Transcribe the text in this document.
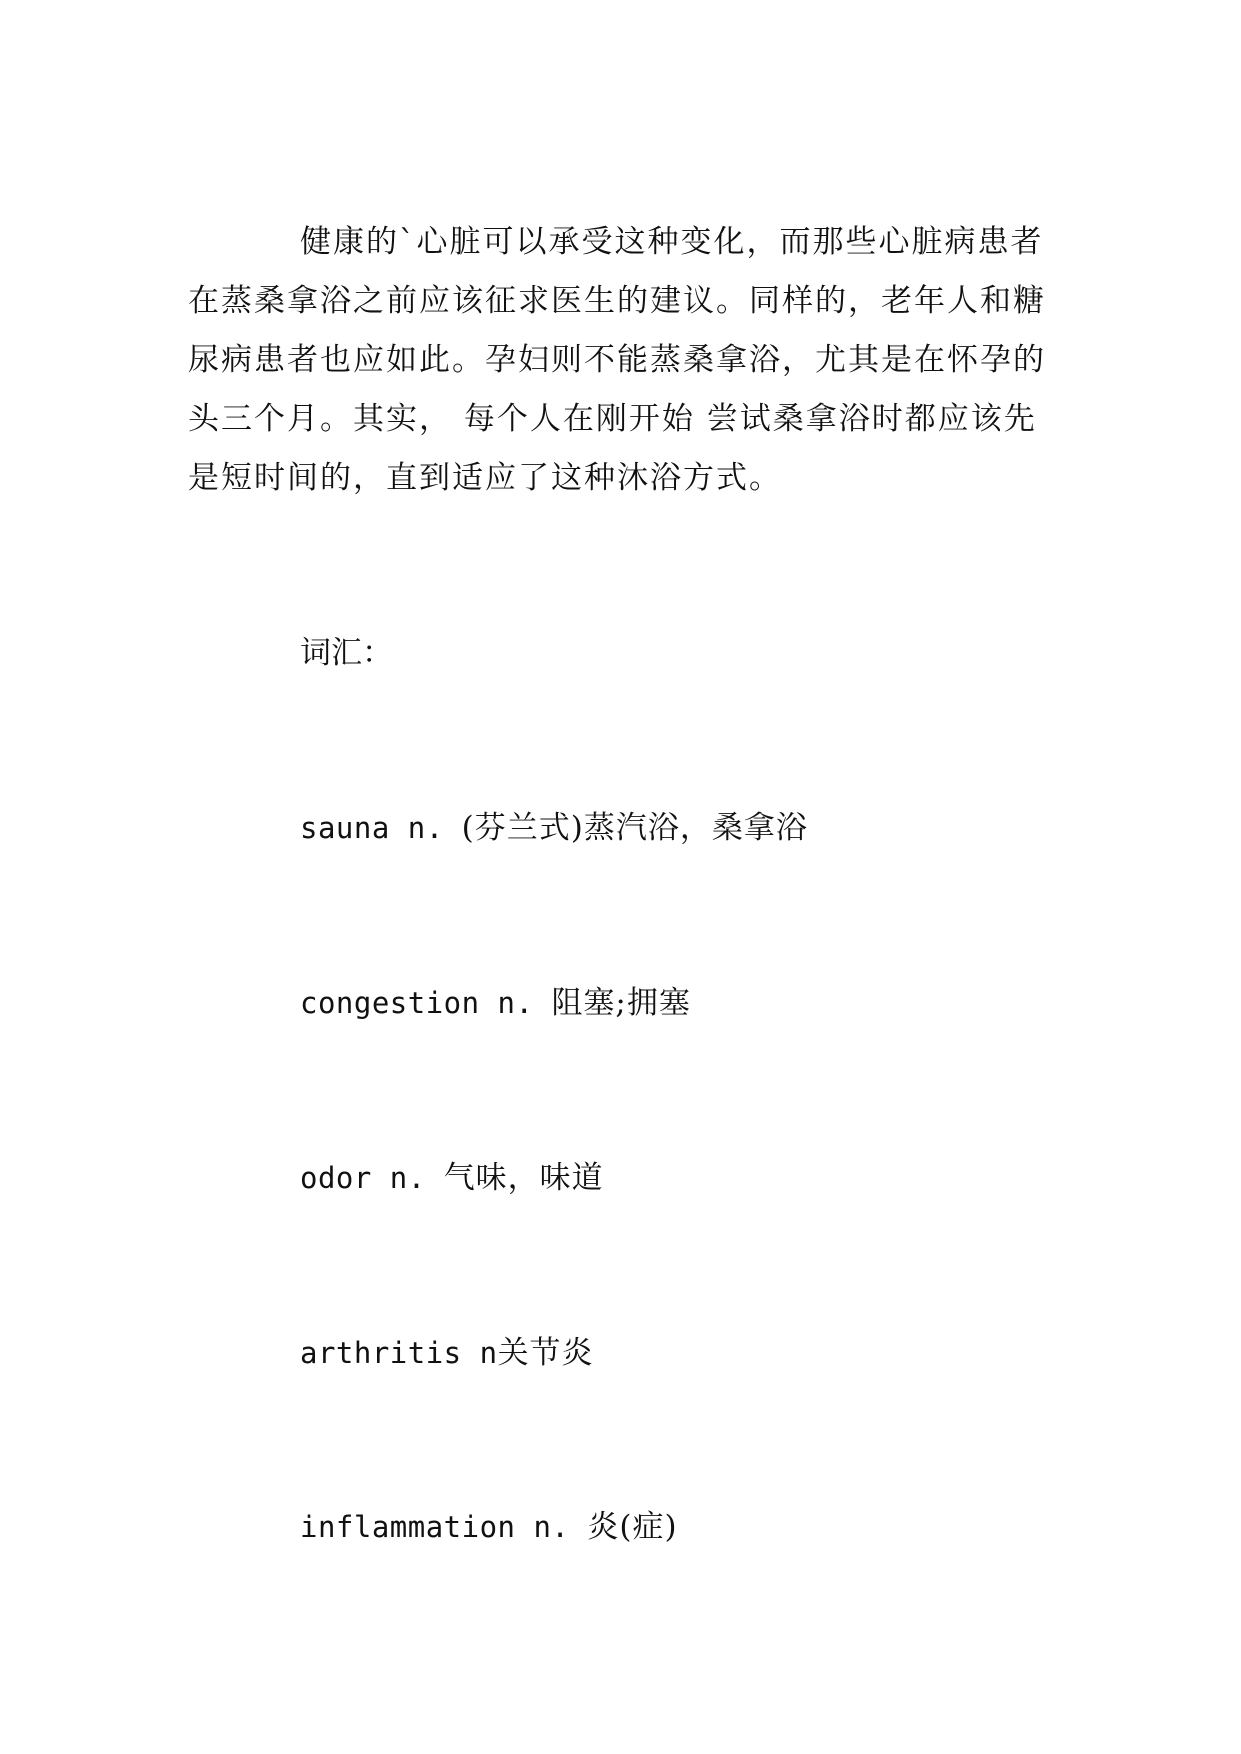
健康的`心脏可以承受这种变化，而那些心脏病患者
在蒸桑拿浴之前应该征求医生的建议。同样的，老年人和糖
尿病患者也应如此。孕妇则不能蒸桑拿浴，尤其是在怀孕的
头三个月。其实， 每个人在刚开始 尝试桑拿浴时都应该先
是短时间的，直到适应了这种沐浴方式。
词汇：
sauna n. (芬兰式)蒸汽浴，桑拿浴
congestion n. 阻塞;拥塞
odor n. 气味，味道
arthritis n关节炎
inflammation n. 炎(症)
